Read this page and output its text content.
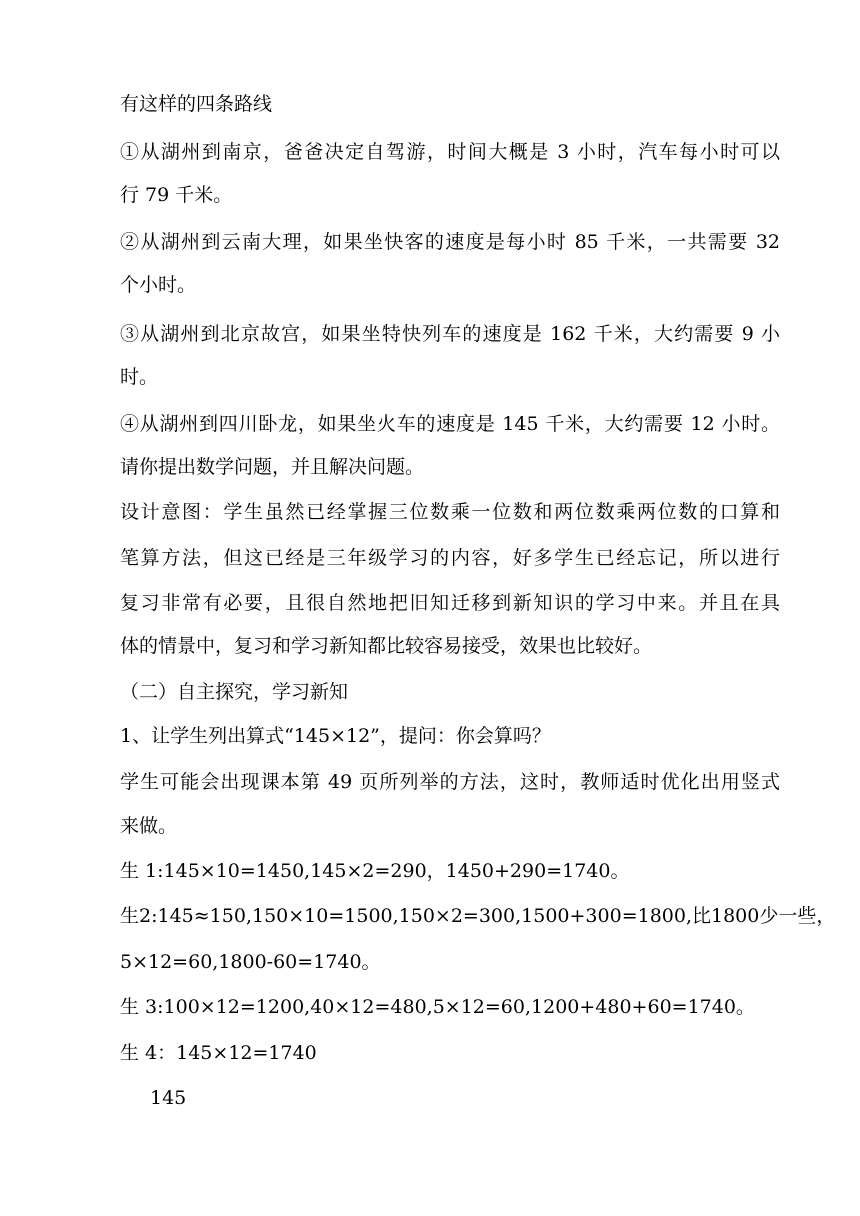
有这样的四条路线
①从湖州到南京，爸爸决定自驾游，时间大概是 3 小时，汽车每小时可以
行 79 千米。
②从湖州到云南大理，如果坐快客的速度是每小时 85 千米，一共需要 32
个小时。
③从湖州到北京故宫，如果坐特快列车的速度是 162 千米，大约需要 9 小
时。
④从湖州到四川卧龙，如果坐火车的速度是 145 千米，大约需要 12 小时。
请你提出数学问题，并且解决问题。
设计意图：学生虽然已经掌握三位数乘一位数和两位数乘两位数的口算和
笔算方法，但这已经是三年级学习的内容，好多学生已经忘记，所以进行
复习非常有必要，且很自然地把旧知迁移到新知识的学习中来。并且在具
体的情景中，复习和学习新知都比较容易接受，效果也比较好。
（二）自主探究，学习新知
1、让学生列出算式“145×12”，提问：你会算吗？
学生可能会出现课本第 49 页所列举的方法，这时，教师适时优化出用竖式
来做。
生 1:145×10=1450,145×2=290，1450+290=1740。
生2:145≈150,150×10=1500,150×2=300,1500+300=1800,比1800少一些，
5×12=60,1800-60=1740。
生 3:100×12=1200,40×12=480,5×12=60,1200+480+60=1740。
生 4：145×12=1740
145
